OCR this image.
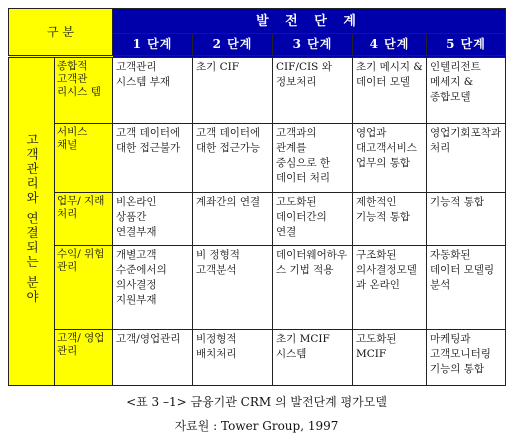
구 분		발 전 단 계				
		1 단계	2 단계	3 단계	4 단계	5 단계
고객관리와 연결되는 분야	종합적 고객관 리시스 템	고객관리 시스템 부재	초기 CIF	CIF/CIS 와 정보처리	초기 메시지 & 데이터 모델	인텔리전트 메세지 & 종합모델
	서비스 채널	고객 데이터에 대한 접근불가	고객 데이터에 대한 접근가능	고객과의 관계를 중심으로 한 데이터 처리	영업과 대고객서비스 업무의 통합	영업기회포착과 처리
	업무/ 지래 처리	비온라인 상품간 연결부재	계좌간의 연결	고도화된 데이터간의 연결	제한적인 기능적 통합	기능적 통합
	수익/ 위험 관리	개별고객 수준에서의 의사결정 지원부재	비 정형적 고객분석	데이터웨어하우스 기법 적용	구조화된 의사결정모델과 온라인	자동화된 데이터 모델링 분석
	고객/ 영업 관리	고객/영업관리	비정형적 배치처리	초기 MCIF 시스템	고도화된 MCIF	마케팅과 고객모니터링 기능의 통합
<표 3 –1> 금융기관 CRM 의 발전단계 평가모델
자료원 : Tower Group, 1997
